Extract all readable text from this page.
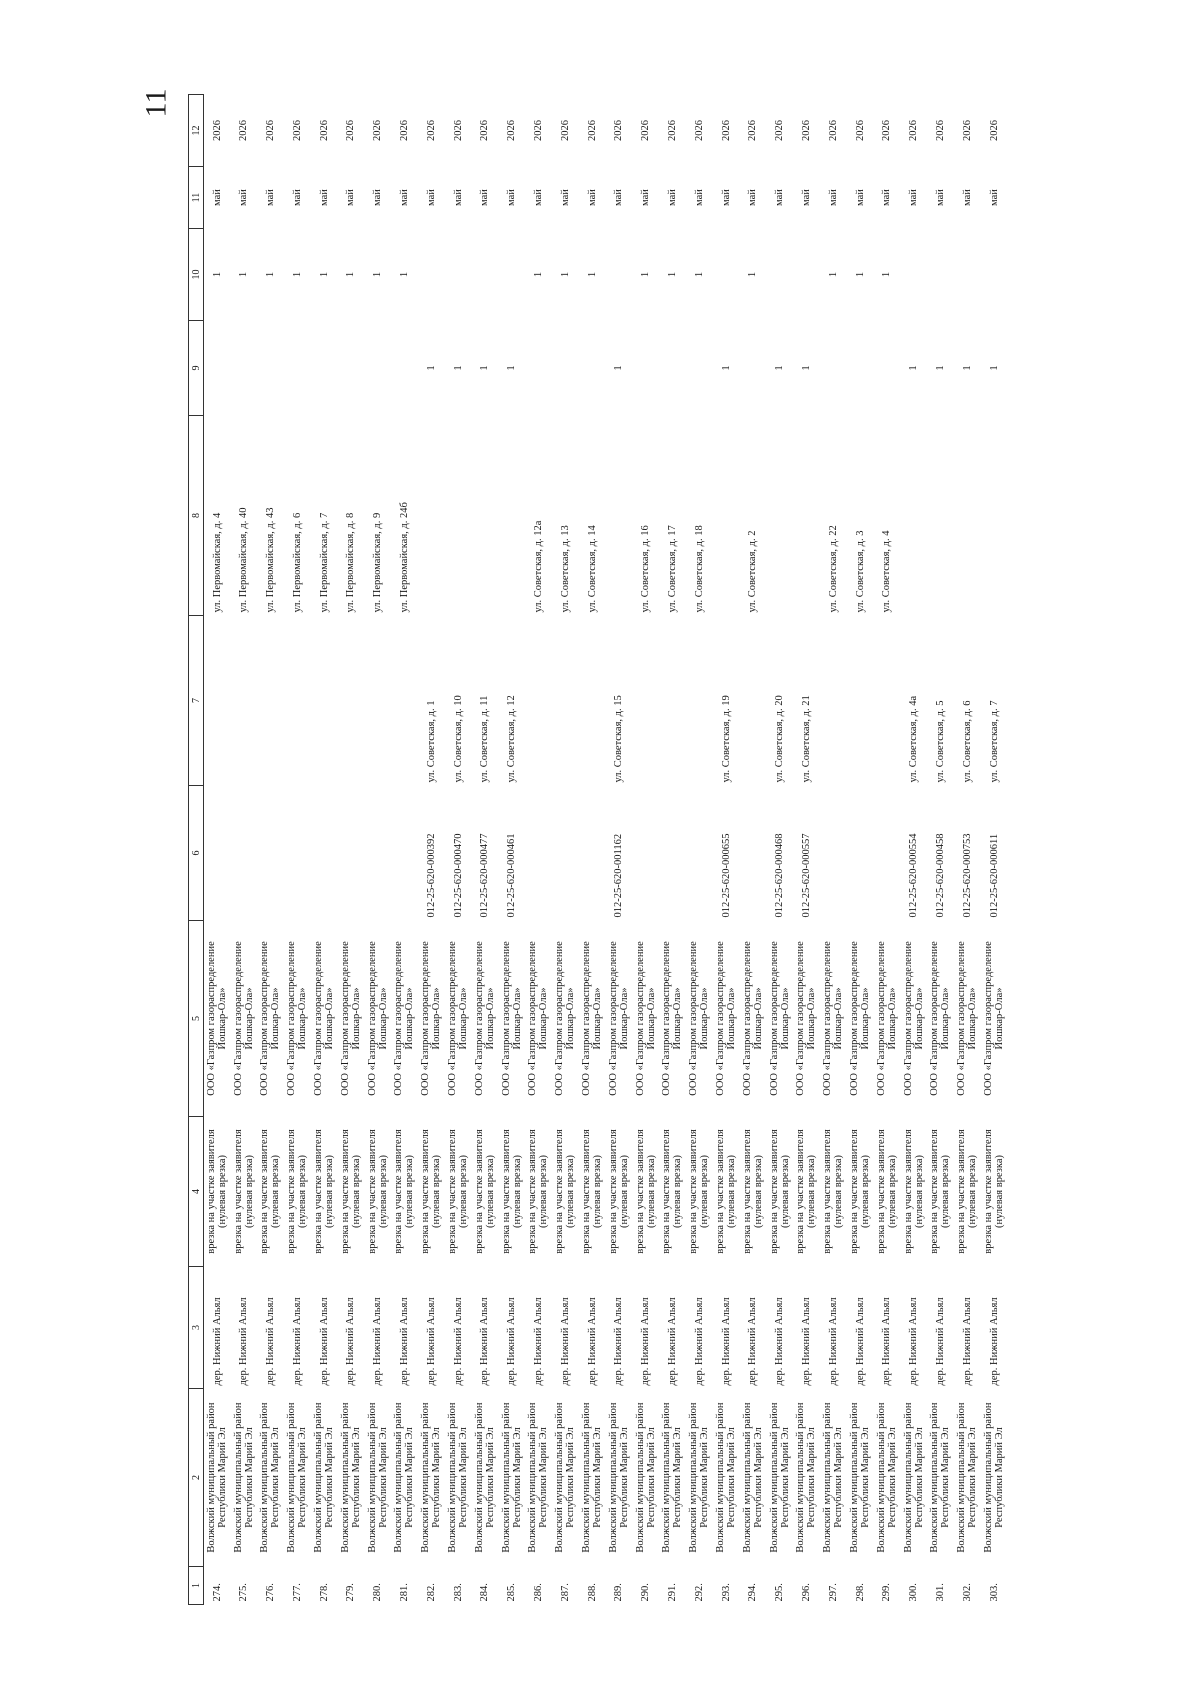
11
1	2	3	4	5	6	7	8	9	10	11	12
274.	Волжский муниципальный район Республики Марий Эл	дер. Нижний Альял	врезка на участке заявителя (нулевая врезка)	ООО «Газпром газораспределение Йошкар-Ола»			ул. Первомайская, д. 4		1	май	2026
275.	Волжский муниципальный район Республики Марий Эл	дер. Нижний Альял	врезка на участке заявителя (нулевая врезка)	ООО «Газпром газораспределение Йошкар-Ола»			ул. Первомайская, д. 40		1	май	2026
276.	Волжский муниципальный район Республики Марий Эл	дер. Нижний Альял	врезка на участке заявителя (нулевая врезка)	ООО «Газпром газораспределение Йошкар-Ола»			ул. Первомайская, д. 43		1	май	2026
277.	Волжский муниципальный район Республики Марий Эл	дер. Нижний Альял	врезка на участке заявителя (нулевая врезка)	ООО «Газпром газораспределение Йошкар-Ола»			ул. Первомайская, д. 6		1	май	2026
278.	Волжский муниципальный район Республики Марий Эл	дер. Нижний Альял	врезка на участке заявителя (нулевая врезка)	ООО «Газпром газораспределение Йошкар-Ола»			ул. Первомайская, д. 7		1	май	2026
279.	Волжский муниципальный район Республики Марий Эл	дер. Нижний Альял	врезка на участке заявителя (нулевая врезка)	ООО «Газпром газораспределение Йошкар-Ола»			ул. Первомайская, д. 8		1	май	2026
280.	Волжский муниципальный район Республики Марий Эл	дер. Нижний Альял	врезка на участке заявителя (нулевая врезка)	ООО «Газпром газораспределение Йошкар-Ола»			ул. Первомайская, д. 9		1	май	2026
281.	Волжский муниципальный район Республики Марий Эл	дер. Нижний Альял	врезка на участке заявителя (нулевая врезка)	ООО «Газпром газораспределение Йошкар-Ола»			ул. Первомайская, д. 24б		1	май	2026
282.	Волжский муниципальный район Республики Марий Эл	дер. Нижний Альял	врезка на участке заявителя (нулевая врезка)	ООО «Газпром газораспределение Йошкар-Ола»	012-25-620-000392	ул. Советская, д. 1		1		май	2026
283.	Волжский муниципальный район Республики Марий Эл	дер. Нижний Альял	врезка на участке заявителя (нулевая врезка)	ООО «Газпром газораспределение Йошкар-Ола»	012-25-620-000470	ул. Советская, д. 10		1		май	2026
284.	Волжский муниципальный район Республики Марий Эл	дер. Нижний Альял	врезка на участке заявителя (нулевая врезка)	ООО «Газпром газораспределение Йошкар-Ола»	012-25-620-000477	ул. Советская, д. 11		1		май	2026
285.	Волжский муниципальный район Республики Марий Эл	дер. Нижний Альял	врезка на участке заявителя (нулевая врезка)	ООО «Газпром газораспределение Йошкар-Ола»	012-25-620-000461	ул. Советская, д. 12		1		май	2026
286.	Волжский муниципальный район Республики Марий Эл	дер. Нижний Альял	врезка на участке заявителя (нулевая врезка)	ООО «Газпром газораспределение Йошкар-Ола»			ул. Советская, д. 12а		1	май	2026
287.	Волжский муниципальный район Республики Марий Эл	дер. Нижний Альял	врезка на участке заявителя (нулевая врезка)	ООО «Газпром газораспределение Йошкар-Ола»			ул. Советская, д. 13		1	май	2026
288.	Волжский муниципальный район Республики Марий Эл	дер. Нижний Альял	врезка на участке заявителя (нулевая врезка)	ООО «Газпром газораспределение Йошкар-Ола»			ул. Советская, д. 14		1	май	2026
289.	Волжский муниципальный район Республики Марий Эл	дер. Нижний Альял	врезка на участке заявителя (нулевая врезка)	ООО «Газпром газораспределение Йошкар-Ола»	012-25-620-001162	ул. Советская, д. 15		1		май	2026
290.	Волжский муниципальный район Республики Марий Эл	дер. Нижний Альял	врезка на участке заявителя (нулевая врезка)	ООО «Газпром газораспределение Йошкар-Ола»			ул. Советская, д. 16		1	май	2026
291.	Волжский муниципальный район Республики Марий Эл	дер. Нижний Альял	врезка на участке заявителя (нулевая врезка)	ООО «Газпром газораспределение Йошкар-Ола»			ул. Советская, д. 17		1	май	2026
292.	Волжский муниципальный район Республики Марий Эл	дер. Нижний Альял	врезка на участке заявителя (нулевая врезка)	ООО «Газпром газораспределение Йошкар-Ола»			ул. Советская, д. 18		1	май	2026
293.	Волжский муниципальный район Республики Марий Эл	дер. Нижний Альял	врезка на участке заявителя (нулевая врезка)	ООО «Газпром газораспределение Йошкар-Ола»	012-25-620-000655	ул. Советская, д. 19		1		май	2026
294.	Волжский муниципальный район Республики Марий Эл	дер. Нижний Альял	врезка на участке заявителя (нулевая врезка)	ООО «Газпром газораспределение Йошкар-Ола»			ул. Советская, д. 2		1	май	2026
295.	Волжский муниципальный район Республики Марий Эл	дер. Нижний Альял	врезка на участке заявителя (нулевая врезка)	ООО «Газпром газораспределение Йошкар-Ола»	012-25-620-000468	ул. Советская, д. 20		1		май	2026
296.	Волжский муниципальный район Республики Марий Эл	дер. Нижний Альял	врезка на участке заявителя (нулевая врезка)	ООО «Газпром газораспределение Йошкар-Ола»	012-25-620-000557	ул. Советская, д. 21		1		май	2026
297.	Волжский муниципальный район Республики Марий Эл	дер. Нижний Альял	врезка на участке заявителя (нулевая врезка)	ООО «Газпром газораспределение Йошкар-Ола»			ул. Советская, д. 22		1	май	2026
298.	Волжский муниципальный район Республики Марий Эл	дер. Нижний Альял	врезка на участке заявителя (нулевая врезка)	ООО «Газпром газораспределение Йошкар-Ола»			ул. Советская, д. 3		1	май	2026
299.	Волжский муниципальный район Республики Марий Эл	дер. Нижний Альял	врезка на участке заявителя (нулевая врезка)	ООО «Газпром газораспределение Йошкар-Ола»			ул. Советская, д. 4		1	май	2026
300.	Волжский муниципальный район Республики Марий Эл	дер. Нижний Альял	врезка на участке заявителя (нулевая врезка)	ООО «Газпром газораспределение Йошкар-Ола»	012-25-620-000554	ул. Советская, д. 4а		1		май	2026
301.	Волжский муниципальный район Республики Марий Эл	дер. Нижний Альял	врезка на участке заявителя (нулевая врезка)	ООО «Газпром газораспределение Йошкар-Ола»	012-25-620-000458	ул. Советская, д. 5		1		май	2026
302.	Волжский муниципальный район Республики Марий Эл	дер. Нижний Альял	врезка на участке заявителя (нулевая врезка)	ООО «Газпром газораспределение Йошкар-Ола»	012-25-620-000753	ул. Советская, д. 6		1		май	2026
303.	Волжский муниципальный район Республики Марий Эл	дер. Нижний Альял	врезка на участке заявителя (нулевая врезка)	ООО «Газпром газораспределение Йошкар-Ола»	012-25-620-000611	ул. Советская, д. 7		1		май	2026
